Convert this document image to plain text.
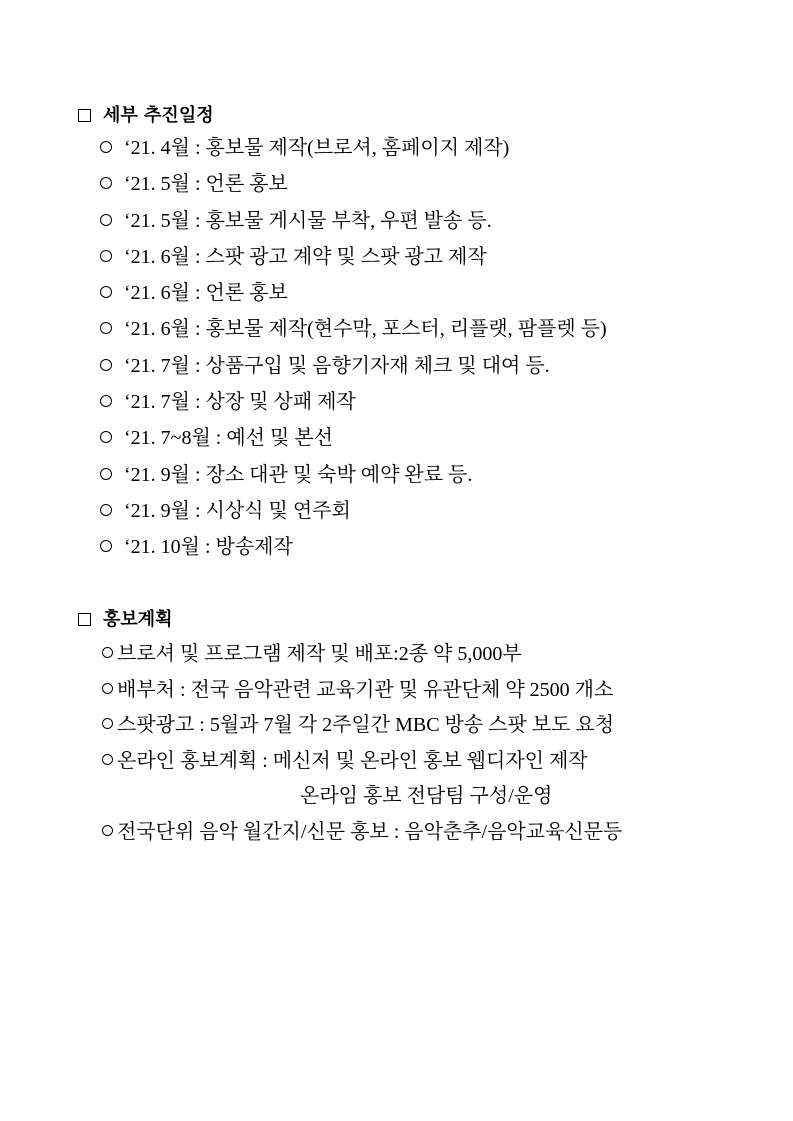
세부 추진일정
‘21. 4월 : 홍보물 제작(브로셔, 홈페이지 제작)
‘21. 5월 : 언론 홍보
‘21. 5월 : 홍보물 게시물 부착, 우편 발송 등.
‘21. 6월 : 스팟 광고 계약 및 스팟 광고 제작
‘21. 6월 : 언론 홍보
‘21. 6월 : 홍보물 제작(현수막, 포스터, 리플랫, 팜플렛 등)
‘21. 7월 : 상품구입 및 음향기자재 체크 및 대여 등.
‘21. 7월 : 상장 및 상패 제작
‘21. 7~8월 : 예선 및 본선
‘21. 9월 : 장소 대관 및 숙박 예약 완료 등.
‘21. 9월 : 시상식 및 연주회
‘21. 10월 : 방송제작
홍보계획
브로셔 및 프로그램 제작 및 배포:2종 약 5,000부
배부처 : 전국 음악관련 교육기관 및 유관단체 약 2500 개소
스팟광고 : 5월과 7월 각 2주일간 MBC 방송 스팟 보도 요청
온라인 홍보계획 : 메신저 및 온라인 홍보 웹디자인 제작
온라임 홍보 전담팀 구성/운영
전국단위 음악 월간지/신문 홍보 : 음악춘추/음악교육신문등
